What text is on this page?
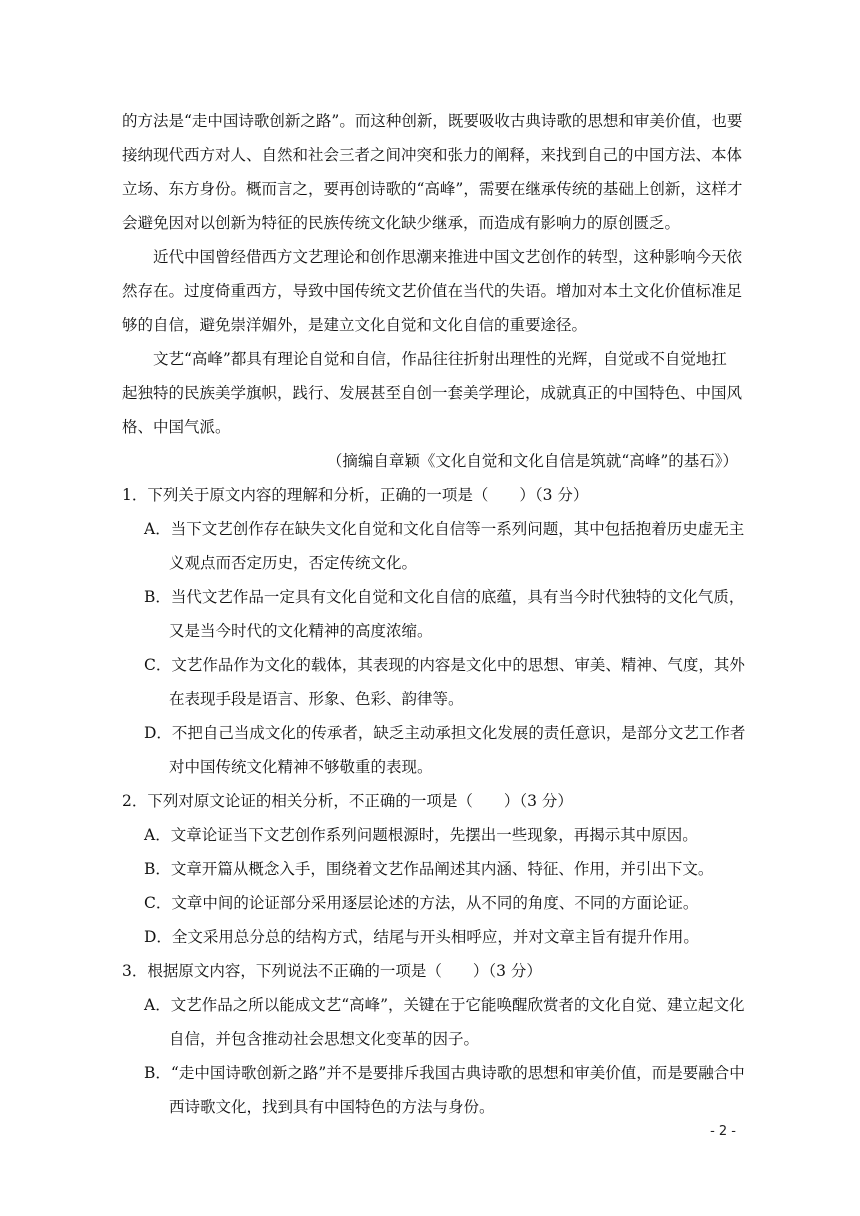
的方法是“走中国诗歌创新之路”。而这种创新，既要吸收古典诗歌的思想和审美价值，也要
接纳现代西方对人、自然和社会三者之间冲突和张力的阐释，来找到自己的中国方法、本体
立场、东方身份。概而言之，要再创诗歌的“高峰”，需要在继承传统的基础上创新，这样才
会避免因对以创新为特征的民族传统文化缺少继承，而造成有影响力的原创匮乏。
近代中国曾经借西方文艺理论和创作思潮来推进中国文艺创作的转型，这种影响今天依
然存在。过度倚重西方，导致中国传统文艺价值在当代的失语。增加对本土文化价值标准足
够的自信，避免崇洋媚外，是建立文化自觉和文化自信的重要途径。
文艺“高峰”都具有理论自觉和自信，作品往往折射出理性的光辉，自觉或不自觉地扛
起独特的民族美学旗帜，践行、发展甚至自创一套美学理论，成就真正的中国特色、中国风
格、中国气派。
（摘编自章颖《文化自觉和文化自信是筑就“高峰”的基石》）
1．下列关于原文内容的理解和分析，正确的一项是（　　）（3 分）
A．当下文艺创作存在缺失文化自觉和文化自信等一系列问题，其中包括抱着历史虚无主
义观点而否定历史，否定传统文化。
B．当代文艺作品一定具有文化自觉和文化自信的底蕴，具有当今时代独特的文化气质，
又是当今时代的文化精神的高度浓缩。
C．文艺作品作为文化的载体，其表现的内容是文化中的思想、审美、精神、气度，其外
在表现手段是语言、形象、色彩、韵律等。
D．不把自己当成文化的传承者，缺乏主动承担文化发展的责任意识，是部分文艺工作者
对中国传统文化精神不够敬重的表现。
2．下列对原文论证的相关分析，不正确的一项是（　　）（3 分）
A．文章论证当下文艺创作系列问题根源时，先摆出一些现象，再揭示其中原因。
B．文章开篇从概念入手，围绕着文艺作品阐述其内涵、特征、作用，并引出下文。
C．文章中间的论证部分采用逐层论述的方法，从不同的角度、不同的方面论证。
D．全文采用总分总的结构方式，结尾与开头相呼应，并对文章主旨有提升作用。
3．根据原文内容，下列说法不正确的一项是（　　）（3 分）
A．文艺作品之所以能成文艺“高峰”，关键在于它能唤醒欣赏者的文化自觉、建立起文化
自信，并包含推动社会思想文化变革的因子。
B．“走中国诗歌创新之路”并不是要排斥我国古典诗歌的思想和审美价值，而是要融合中
西诗歌文化，找到具有中国特色的方法与身份。
- 2 -
